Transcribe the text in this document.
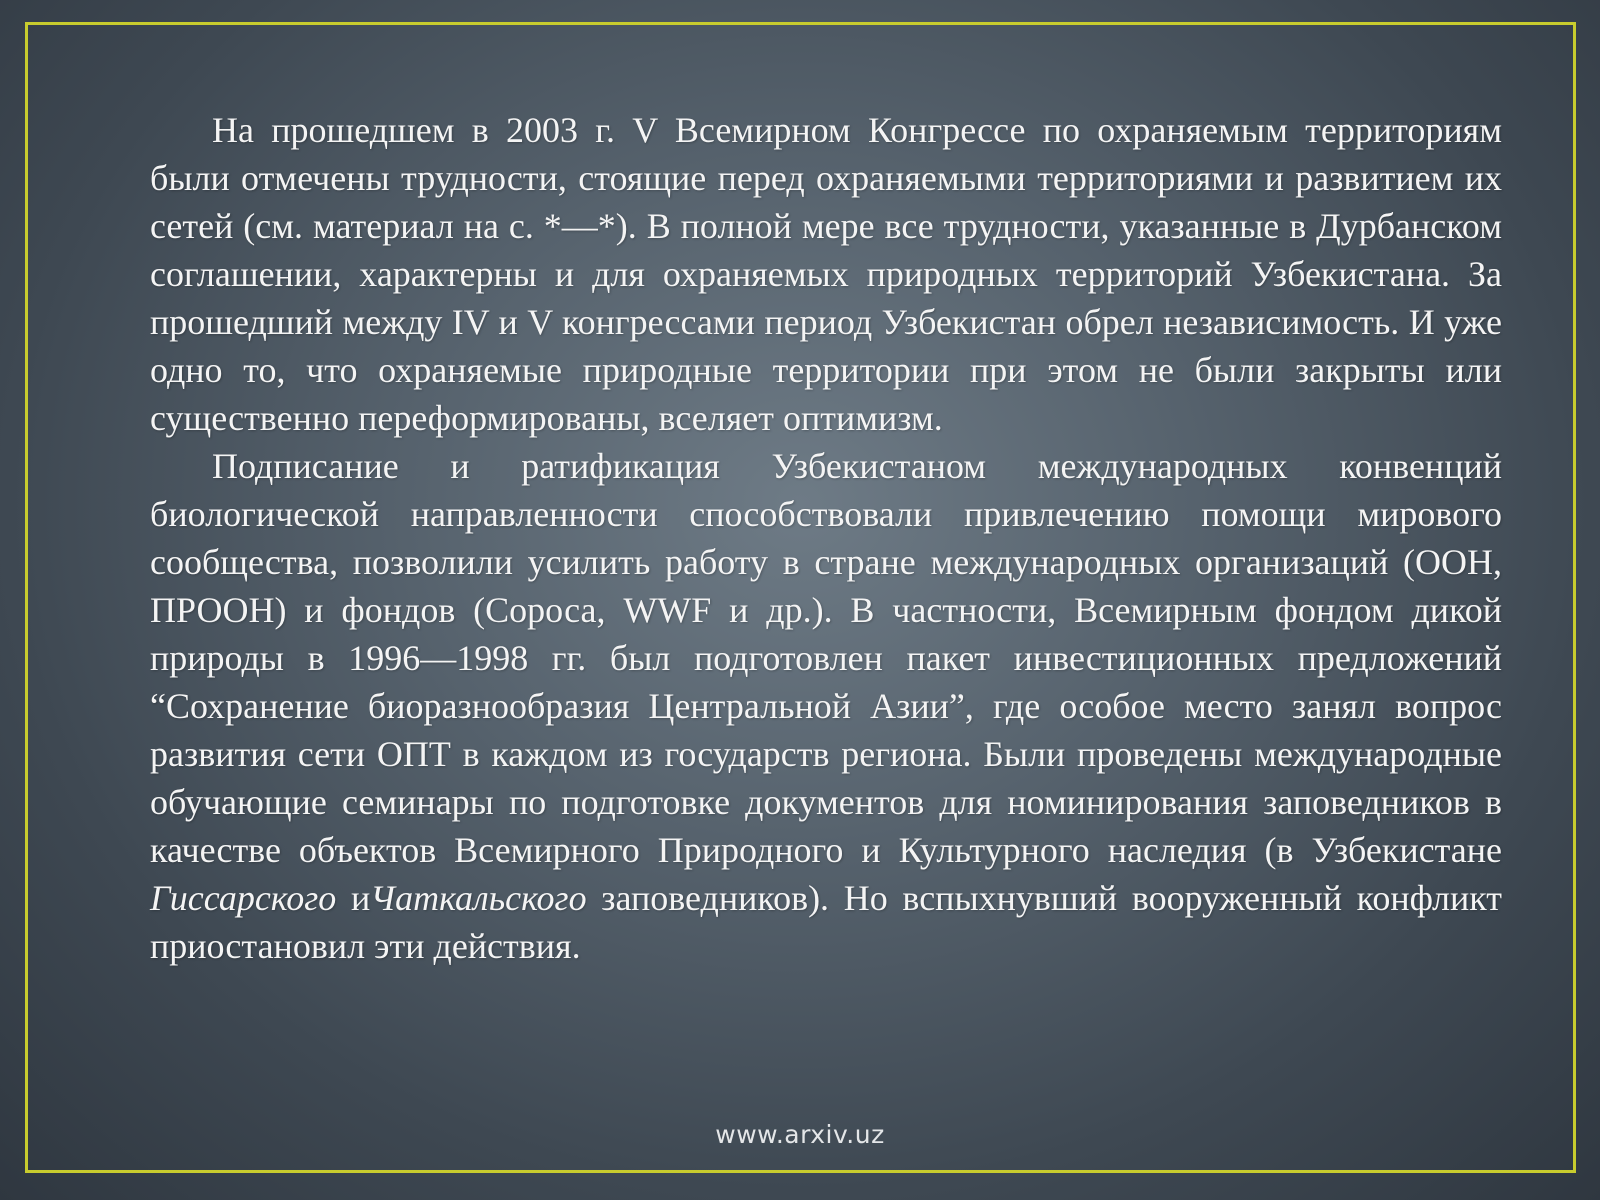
На прошедшем в 2003 г. V Всемирном Конгрессе по охраняемым территориям были отмечены трудности, стоящие перед охраняемыми территориями и развитием их сетей (см. материал на с. *—*). В полной мере все трудности, указанные в Дурбанском соглашении, характерны и для охраняемых природных территорий Узбекистана. За прошедший между IV и V конгрессами период Узбекистан обрел независимость. И уже одно то, что охраняемые природные территории при этом не были закрыты или существенно переформированы, вселяет оптимизм.

Подписание и ратификация Узбекистаном международных конвенций биологической направленности способствовали привлечению помощи мирового сообщества, позволили усилить работу в стране международных организаций (ООН, ПРООН) и фондов (Сороса, WWF и др.). В частности, Всемирным фондом дикой природы в 1996—1998 гг. был подготовлен пакет инвестиционных предложений “Сохранение биоразнообразия Центральной Азии”, где особое место занял вопрос развития сети ОПТ в каждом из государств региона. Были проведены международные обучающие семинары по подготовке документов для номинирования заповедников в качестве объектов Всемирного Природного и Культурного наследия (в Узбекистане Гиссарского иЧаткальского заповедников). Но вспыхнувший вооруженный конфликт приостановил эти действия.

www.arxiv.uz
